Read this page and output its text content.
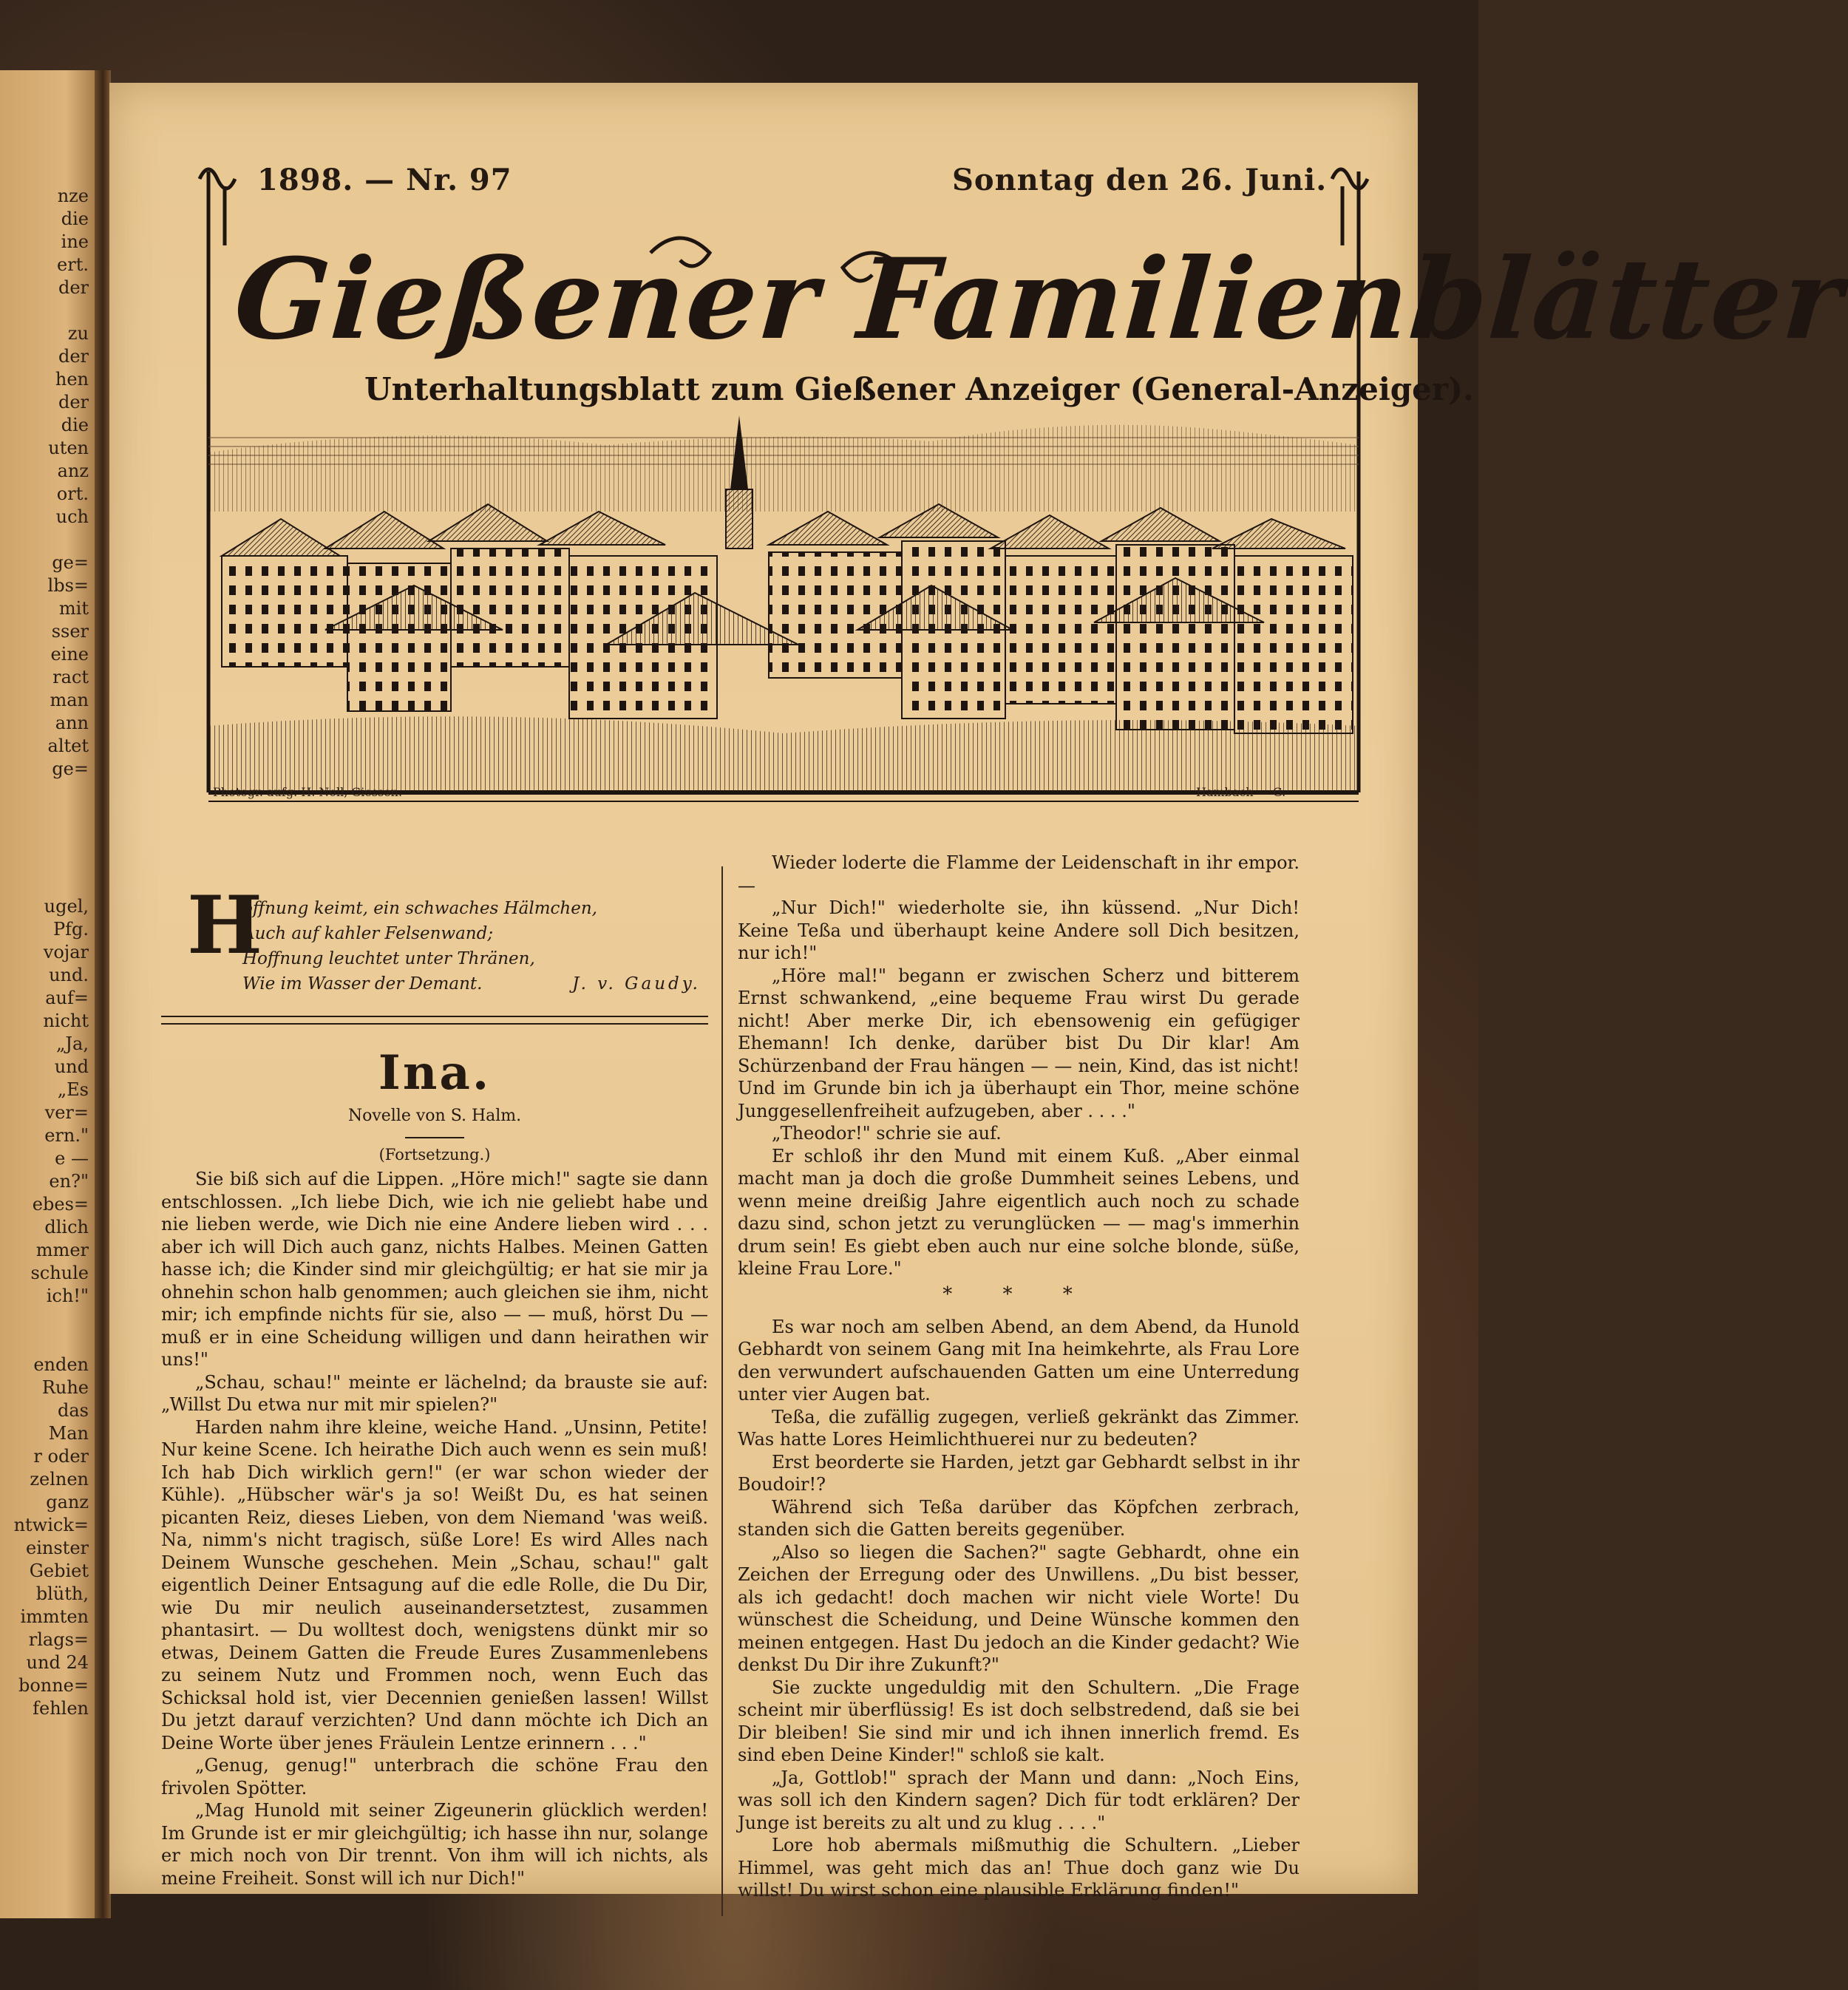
nze
die
ine
ert.
der
zu
der
hen
der
die
uten
anz
ort.
uch
ge=
lbs=
mit
sser
eine
ract
man
ann
altet
ge=
ugel,
Pfg.
vojar
und.
auf=
nicht
„Ja,
und
„Es
ver=
ern."
e —
en?"
ebes=
dlich
mmer
schule
ich!"
enden
Ruhe
das
Man
r oder
zelnen
ganz
ntwick=
einster
Gebiet
blüth,
immten
rlags=
und 24
bonne=
fehlen
1898. — Nr. 97	Sonntag den 26. Juni.
Gießener Familienblätter
Unterhaltungsblatt zum Gießener Anzeiger (General-Anzeiger).
Photogr. aufg. H. Noll, Giessen.	Hambach — G.
H
offnung keimt, ein schwaches Hälmchen,
Auch auf kahler Felsenwand;
Hoffnung leuchtet unter Thränen,
Wie im Wasser der Demant.	J. v. Gaudy.
Ina.
Novelle von S. Halm.
(Fortsetzung.)

Sie biß sich auf die Lippen. „Höre mich!" sagte sie dann entschlossen. „Ich liebe Dich, wie ich nie geliebt habe und nie lieben werde, wie Dich nie eine Andere lieben wird . . . aber ich will Dich auch ganz, nichts Halbes. Meinen Gatten hasse ich; die Kinder sind mir gleichgültig; er hat sie mir ja ohnehin schon halb genommen; auch gleichen sie ihm, nicht mir; ich empfinde nichts für sie, also — — muß, hörst Du — muß er in eine Scheidung willigen und dann heirathen wir uns!"

„Schau, schau!" meinte er lächelnd; da brauste sie auf: „Willst Du etwa nur mit mir spielen?"

Harden nahm ihre kleine, weiche Hand. „Unsinn, Petite! Nur keine Scene. Ich heirathe Dich auch wenn es sein muß! Ich hab Dich wirklich gern!" (er war schon wieder der Kühle). „Hübscher wär's ja so! Weißt Du, es hat seinen picanten Reiz, dieses Lieben, von dem Niemand 'was weiß. Na, nimm's nicht tragisch, süße Lore! Es wird Alles nach Deinem Wunsche geschehen. Mein „Schau, schau!" galt eigentlich Deiner Entsagung auf die edle Rolle, die Du Dir, wie Du mir neulich auseinandersetztest, zusammen phantasirt. — Du wolltest doch, wenigstens dünkt mir so etwas, Deinem Gatten die Freude Eures Zusammenlebens zu seinem Nutz und Frommen noch, wenn Euch das Schicksal hold ist, vier Decennien genießen lassen! Willst Du jetzt darauf verzichten? Und dann möchte ich Dich an Deine Worte über jenes Fräulein Lentze erinnern . . ."

„Genug, genug!" unterbrach die schöne Frau den frivolen Spötter.

„Mag Hunold mit seiner Zigeunerin glücklich werden! Im Grunde ist er mir gleichgültig; ich hasse ihn nur, solange er mich noch von Dir trennt. Von ihm will ich nichts, als meine Freiheit. Sonst will ich nur Dich!"

Wieder loderte die Flamme der Leidenschaft in ihr empor. —

„Nur Dich!" wiederholte sie, ihn küssend. „Nur Dich! Keine Teßa und überhaupt keine Andere soll Dich besitzen, nur ich!"

„Höre mal!" begann er zwischen Scherz und bitterem Ernst schwankend, „eine bequeme Frau wirst Du gerade nicht! Aber merke Dir, ich ebensowenig ein gefügiger Ehemann! Ich denke, darüber bist Du Dir klar! Am Schürzenband der Frau hängen — — nein, Kind, das ist nicht! Und im Grunde bin ich ja überhaupt ein Thor, meine schöne Junggesellenfreiheit aufzugeben, aber . . . ."

„Theodor!" schrie sie auf.

Er schloß ihr den Mund mit einem Kuß. „Aber einmal macht man ja doch die große Dummheit seines Lebens, und wenn meine dreißig Jahre eigentlich auch noch zu schade dazu sind, schon jetzt zu verunglücken — — mag's immerhin drum sein! Es giebt eben auch nur eine solche blonde, süße, kleine Frau Lore."

* * *

Es war noch am selben Abend, an dem Abend, da Hunold Gebhardt von seinem Gang mit Ina heimkehrte, als Frau Lore den verwundert aufschauenden Gatten um eine Unterredung unter vier Augen bat.

Teßa, die zufällig zugegen, verließ gekränkt das Zimmer. Was hatte Lores Heimlichthuerei nur zu bedeuten?

Erst beorderte sie Harden, jetzt gar Gebhardt selbst in ihr Boudoir!?

Während sich Teßa darüber das Köpfchen zerbrach, standen sich die Gatten bereits gegenüber.

„Also so liegen die Sachen?" sagte Gebhardt, ohne ein Zeichen der Erregung oder des Unwillens. „Du bist besser, als ich gedacht! doch machen wir nicht viele Worte! Du wünschest die Scheidung, und Deine Wünsche kommen den meinen entgegen. Hast Du jedoch an die Kinder gedacht? Wie denkst Du Dir ihre Zukunft?"

Sie zuckte ungeduldig mit den Schultern. „Die Frage scheint mir überflüssig! Es ist doch selbstredend, daß sie bei Dir bleiben! Sie sind mir und ich ihnen innerlich fremd. Es sind eben Deine Kinder!" schloß sie kalt.

„Ja, Gottlob!" sprach der Mann und dann: „Noch Eins, was soll ich den Kindern sagen? Dich für todt erklären? Der Junge ist bereits zu alt und zu klug . . . ."

Lore hob abermals mißmuthig die Schultern. „Lieber Himmel, was geht mich das an! Thue doch ganz wie Du willst! Du wirst schon eine plausible Erklärung finden!"
